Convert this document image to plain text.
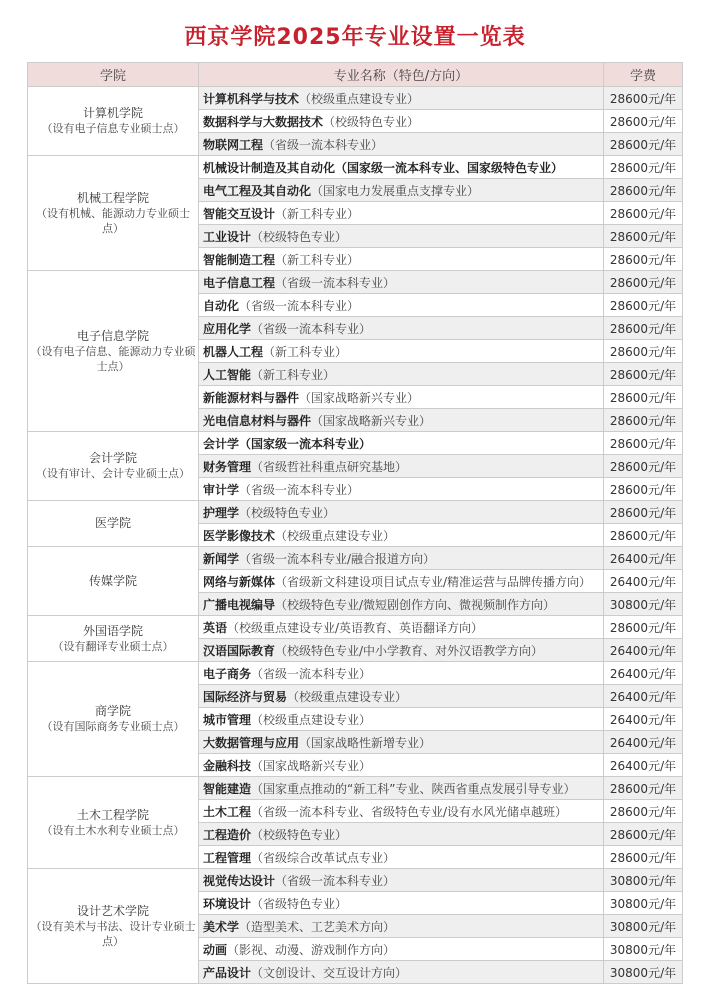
西京学院2025年专业设置一览表
学院	专业名称（特色/方向）	学费
计算机学院
（设有电子信息专业硕士点）	计算机科学与技术（校级重点建设专业）	28600元/年
	数据科学与大数据技术（校级特色专业）	28600元/年
	物联网工程（省级一流本科专业）	28600元/年
机械工程学院
（设有机械、能源动力专业硕士点）	机械设计制造及其自动化（国家级一流本科专业、国家级特色专业）	28600元/年
	电气工程及其自动化（国家电力发展重点支撑专业）	28600元/年
	智能交互设计（新工科专业）	28600元/年
	工业设计（校级特色专业）	28600元/年
	智能制造工程（新工科专业）	28600元/年
电子信息学院
（设有电子信息、能源动力专业硕士点）	电子信息工程（省级一流本科专业）	28600元/年
	自动化（省级一流本科专业）	28600元/年
	应用化学（省级一流本科专业）	28600元/年
	机器人工程（新工科专业）	28600元/年
	人工智能（新工科专业）	28600元/年
	新能源材料与器件（国家战略新兴专业）	28600元/年
	光电信息材料与器件（国家战略新兴专业）	28600元/年
会计学院
（设有审计、会计专业硕士点）	会计学（国家级一流本科专业）	28600元/年
	财务管理（省级哲社科重点研究基地）	28600元/年
	审计学（省级一流本科专业）	28600元/年
医学院	护理学（校级特色专业）	28600元/年
	医学影像技术（校级重点建设专业）	28600元/年
传媒学院	新闻学（省级一流本科专业/融合报道方向）	26400元/年
	网络与新媒体（省级新文科建设项目试点专业/精准运营与品牌传播方向）	26400元/年
	广播电视编导（校级特色专业/微短剧创作方向、微视频制作方向）	30800元/年
外国语学院
（设有翻译专业硕士点）	英语（校级重点建设专业/英语教育、英语翻译方向）	28600元/年
	汉语国际教育（校级特色专业/中小学教育、对外汉语教学方向）	26400元/年
商学院
（设有国际商务专业硕士点）	电子商务（省级一流本科专业）	26400元/年
	国际经济与贸易（校级重点建设专业）	26400元/年
	城市管理（校级重点建设专业）	26400元/年
	大数据管理与应用（国家战略性新增专业）	26400元/年
	金融科技（国家战略新兴专业）	26400元/年
土木工程学院
（设有土木水利专业硕士点）	智能建造（国家重点推动的“新工科”专业、陕西省重点发展引导专业）	28600元/年
	土木工程（省级一流本科专业、省级特色专业/设有水风光储卓越班）	28600元/年
	工程造价（校级特色专业）	28600元/年
	工程管理（省级综合改革试点专业）	28600元/年
设计艺术学院
（设有美术与书法、设计专业硕士点）	视觉传达设计（省级一流本科专业）	30800元/年
	环境设计（省级特色专业）	30800元/年
	美术学（造型美术、工艺美术方向）	30800元/年
	动画（影视、动漫、游戏制作方向）	30800元/年
	产品设计（文创设计、交互设计方向）	30800元/年
